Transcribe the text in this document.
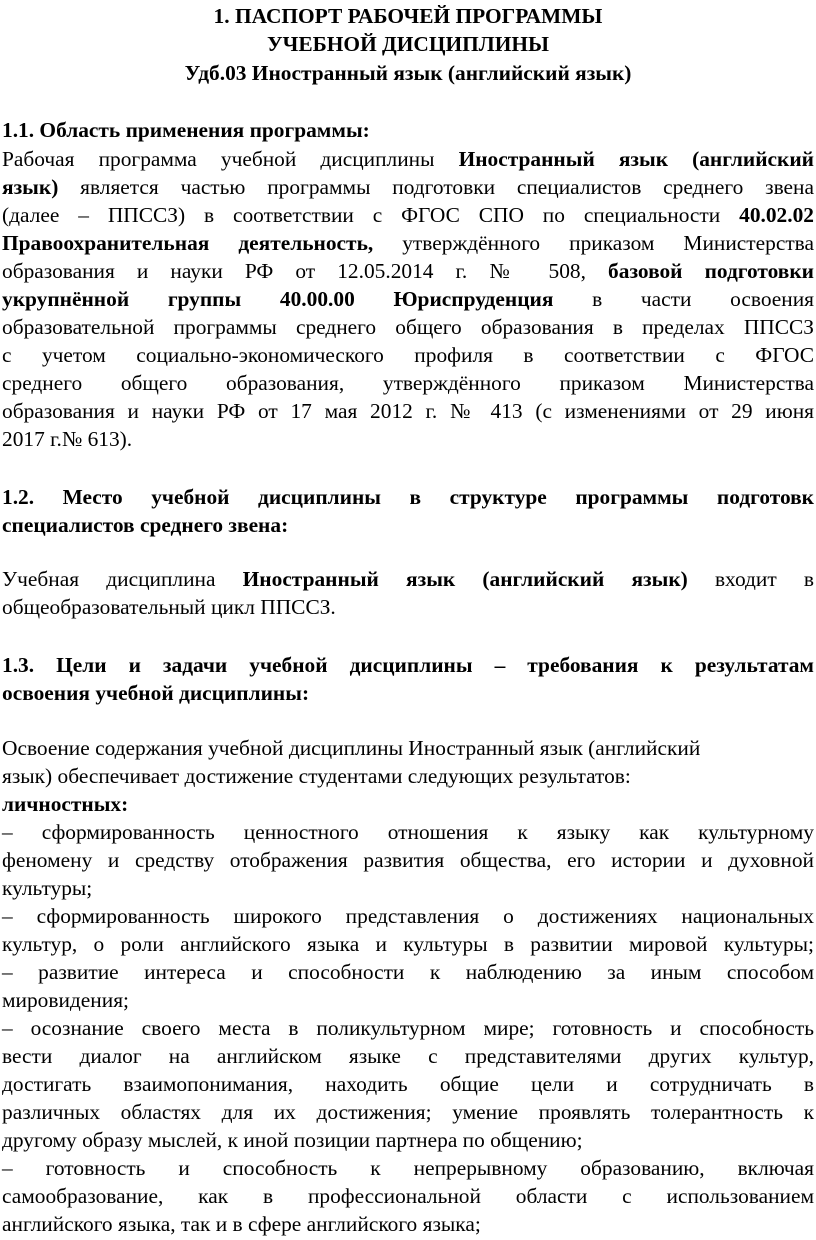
1. ПАСПОРТ РАБОЧЕЙ ПРОГРАММЫ
УЧЕБНОЙ ДИСЦИПЛИНЫ
Удб.03 Иностранный язык (английский язык)
1.1. Область применения программы:
Рабочая программа учебной дисциплины Иностранный язык (английский
язык) является частью программы подготовки специалистов среднего звена
(далее – ППССЗ) в соответствии с ФГОС СПО по специальности 40.02.02
Правоохранительная деятельность, утверждённого приказом Министерства
образования и науки РФ от 12.05.2014 г. № 508, базовой подготовки
укрупнённой группы 40.00.00 Юриспруденция в части освоения
образовательной программы среднего общего образования в пределах ППССЗ
с учетом социально-экономического профиля в соответствии с ФГОС
среднего общего образования, утверждённого приказом Министерства
образования и науки РФ от 17 мая 2012 г. № 413 (с изменениями от 29 июня
2017 г.№ 613).
1.2. Место учебной дисциплины в структуре программы подготовк
специалистов среднего звена:
Учебная дисциплина Иностранный язык (английский язык) входит в
общеобразовательный цикл ППССЗ.
1.3. Цели и задачи учебной дисциплины – требования к результатам
освоения учебной дисциплины:
Освоение содержания учебной дисциплины Иностранный язык (английский
язык) обеспечивает достижение студентами следующих результатов:
личностных:
– сформированность ценностного отношения к языку как культурному
феномену и средству отображения развития общества, его истории и духовной
культуры;
– сформированность широкого представления о достижениях национальных
культур, о роли английского языка и культуры в развитии мировой культуры;
– развитие интереса и способности к наблюдению за иным способом
мировидения;
– осознание своего места в поликультурном мире; готовность и способность
вести диалог на английском языке с представителями других культур,
достигать взаимопонимания, находить общие цели и сотрудничать в
различных областях для их достижения; умение проявлять толерантность к
другому образу мыслей, к иной позиции партнера по общению;
– готовность и способность к непрерывному образованию, включая
самообразование, как в профессиональной области с использованием
английского языка, так и в сфере английского языка;
